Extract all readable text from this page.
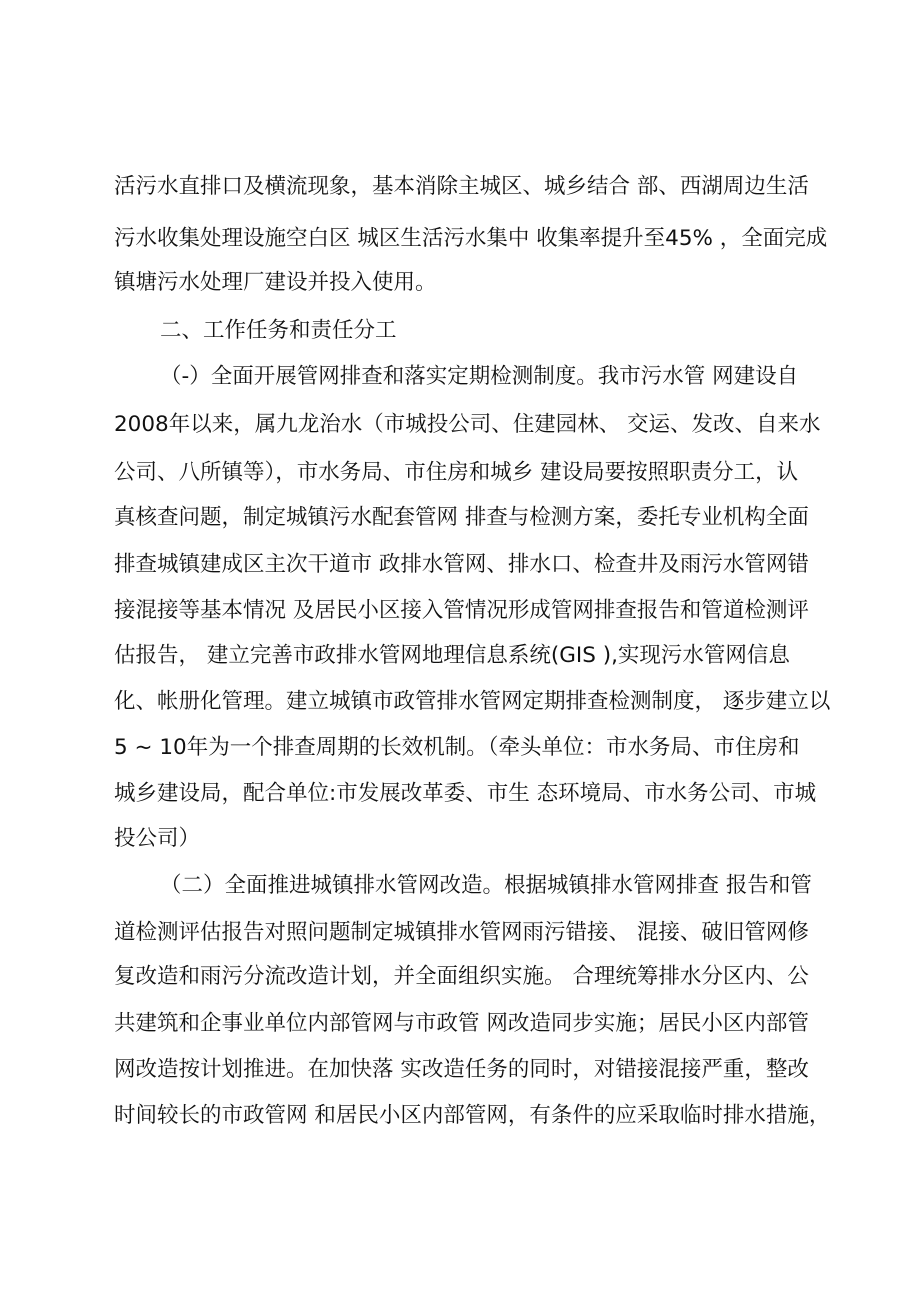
活污水直排口及横流现象，基本消除主城区、城乡结合 部、西湖周边生活
污水收集处理设施空白区 城区生活污水集中 收集率提升至45% ，全面完成
镇塘污水处理厂建设并投入使用。
二、工作任务和责任分工
（-）全面开展管网排查和落实定期检测制度。我市污水管 网建设自
2008年以来，属九龙治水（市城投公司、住建园林、 交运、发改、自来水
公司、八所镇等），市水务局、市住房和城乡 建设局要按照职责分工，认
真核查问题，制定城镇污水配套管网 排查与检测方案，委托专业机构全面
排查城镇建成区主次干道市 政排水管网、排水口、检查井及雨污水管网错
接混接等基本情况 及居民小区接入管情况形成管网排查报告和管道检测评
估报告， 建立完善市政排水管网地理信息系统(GIS ),实现污水管网信息
化、帐册化管理。建立城镇市政管排水管网定期排查检测制度， 逐步建立以
5 ~ 10年为一个排查周期的长效机制。（牵头单位：市水务局、市住房和
城乡建设局，配合单位:市发展改革委、市生 态环境局、市水务公司、市城
投公司）
（二）全面推进城镇排水管网改造。根据城镇排水管网排查 报告和管
道检测评估报告对照问题制定城镇排水管网雨污错接、 混接、破旧管网修
复改造和雨污分流改造计划，并全面组织实施。 合理统筹排水分区内、公
共建筑和企事业单位内部管网与市政管 网改造同步实施；居民小区内部管
网改造按计划推进。在加快落 实改造任务的同时，对错接混接严重，整改
时间较长的市政管网 和居民小区内部管网，有条件的应采取临时排水措施，
